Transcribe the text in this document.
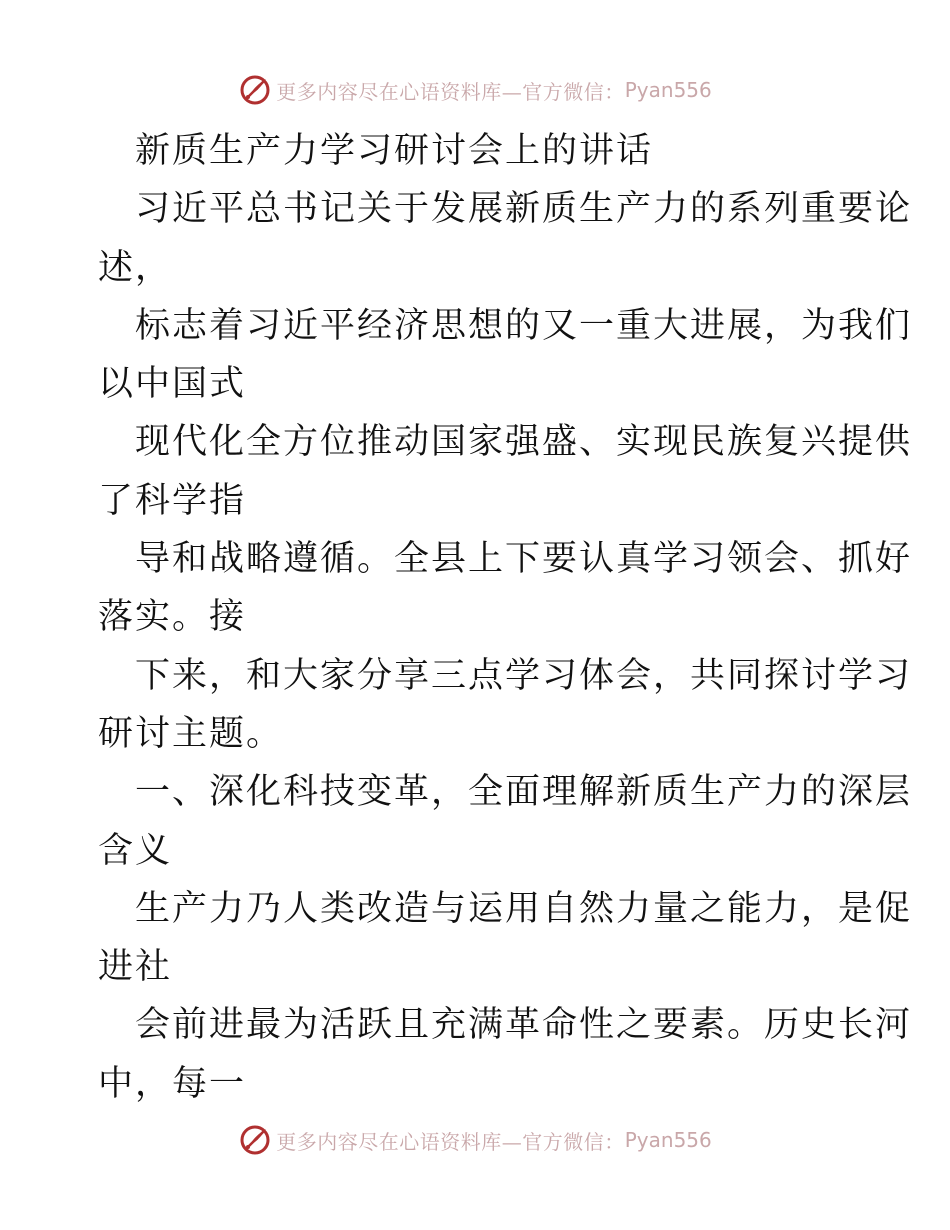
更多内容尽在心语资料库—官方微信： Pyan556
新质生产力学习研讨会上的讲话
习近平总书记关于发展新质生产力的系列重要论
述，
标志着习近平经济思想的又一重大进展，为我们
以中国式
现代化全方位推动国家强盛、实现民族复兴提供
了科学指
导和战略遵循。全县上下要认真学习领会、抓好
落实。接
下来，和大家分享三点学习体会，共同探讨学习
研讨主题。
一、深化科技变革，全面理解新质生产力的深层
含义
生产力乃人类改造与运用自然力量之能力，是促
进社
会前进最为活跃且充满革命性之要素。历史长河
中，每一
更多内容尽在心语资料库—官方微信： Pyan556
